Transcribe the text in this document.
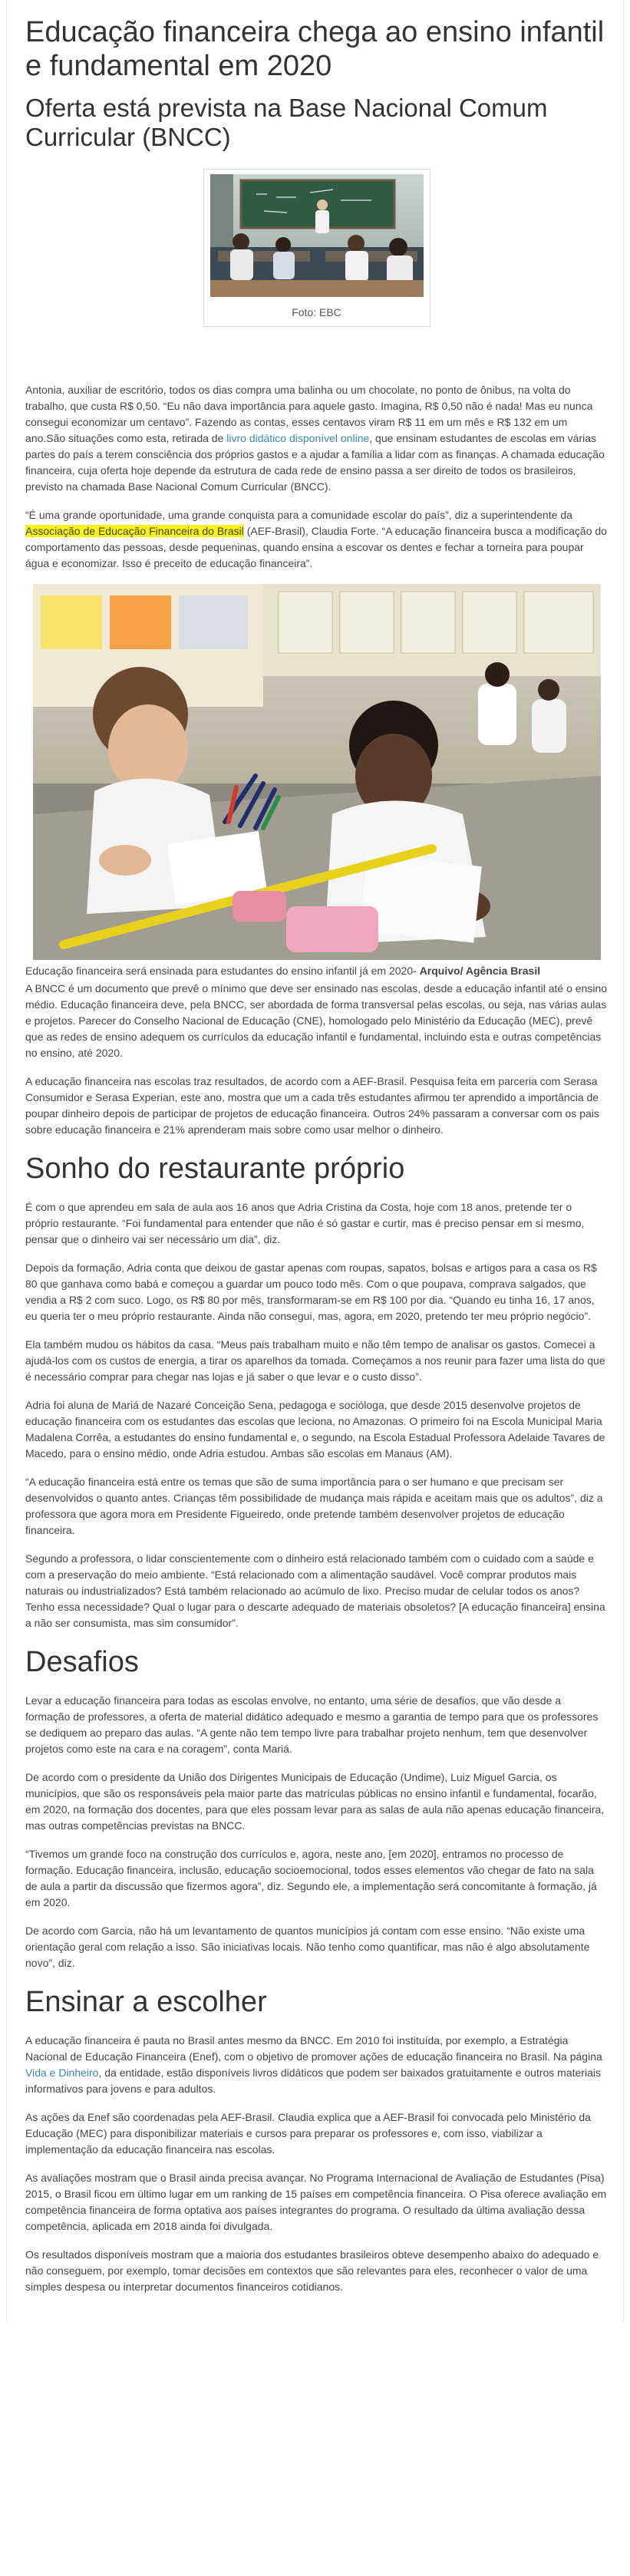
Educação financeira chega ao ensino infantil e fundamental em 2020
Oferta está prevista na Base Nacional Comum Curricular (BNCC)
Foto: EBC

Antonia, auxiliar de escritório, todos os dias compra uma balinha ou um chocolate, no ponto de ônibus, na volta do trabalho, que custa R$ 0,50. “Eu não dava importância para aquele gasto. Imagina, R$ 0,50 não é nada! Mas eu nunca consegui economizar um centavo”. Fazendo as contas, esses centavos viram R$ 11 em um mês e R$ 132 em um ano.São situações como esta, retirada de livro didático disponível online, que ensinam estudantes de escolas em várias partes do país a terem consciência dos próprios gastos e a ajudar a família a lidar com as finanças. A chamada educação financeira, cuja oferta hoje depende da estrutura de cada rede de ensino passa a ser direito de todos os brasileiros, previsto na chamada Base Nacional Comum Curricular (BNCC).

“É uma grande oportunidade, uma grande conquista para a comunidade escolar do país”, diz a superintendente da Associação de Educação Financeira do Brasil (AEF-Brasil), Claudia Forte. “A educação financeira busca a modificação do comportamento das pessoas, desde pequeninas, quando ensina a escovar os dentes e fechar a torneira para poupar água e economizar. Isso é preceito de educação financeira”.

Educação financeira será ensinada para estudantes do ensino infantil já em 2020- Arquivo/ Agência Brasil

A BNCC é um documento que prevê o mínimo que deve ser ensinado nas escolas, desde a educação infantil até o ensino médio. Educação financeira deve, pela BNCC, ser abordada de forma transversal pelas escolas, ou seja, nas várias aulas e projetos. Parecer do Conselho Nacional de Educação (CNE), homologado pelo Ministério da Educação (MEC), prevê que as redes de ensino adequem os currículos da educação infantil e fundamental, incluindo esta e outras competências no ensino, até 2020.

A educação financeira nas escolas traz resultados, de acordo com a AEF-Brasil. Pesquisa feita em parceria com Serasa Consumidor e Serasa Experian, este ano, mostra que um a cada três estudantes afirmou ter aprendido a importância de poupar dinheiro depois de participar de projetos de educação financeira. Outros 24% passaram a conversar com os pais sobre educação financeira e 21% aprenderam mais sobre como usar melhor o dinheiro.

Sonho do restaurante próprio

É com o que aprendeu em sala de aula aos 16 anos que Adria Cristina da Costa, hoje com 18 anos, pretende ter o próprio restaurante. “Foi fundamental para entender que não é só gastar e curtir, mas é preciso pensar em si mesmo, pensar que o dinheiro vai ser necessário um dia”, diz.

Depois da formação, Adria conta que deixou de gastar apenas com roupas, sapatos, bolsas e artigos para a casa os R$ 80 que ganhava como babá e começou a guardar um pouco todo mês. Com o que poupava, comprava salgados, que vendia a R$ 2 com suco. Logo, os R$ 80 por mês, transformaram-se em R$ 100 por dia. “Quando eu tinha 16, 17 anos, eu queria ter o meu próprio restaurante. Ainda não consegui, mas, agora, em 2020, pretendo ter meu próprio negócio”.

Ela também mudou os hábitos da casa. “Meus pais trabalham muito e não têm tempo de analisar os gastos. Comecei a ajudá-los com os custos de energia, a tirar os aparelhos da tomada. Começamos a nos reunir para fazer uma lista do que é necessário comprar para chegar nas lojas e já saber o que levar e o custo disso”.

Adria foi aluna de Mariá de Nazaré Conceição Sena, pedagoga e socióloga, que desde 2015 desenvolve projetos de educação financeira com os estudantes das escolas que leciona, no Amazonas. O primeiro foi na Escola Municipal Maria Madalena Corrêa, a estudantes do ensino fundamental e, o segundo, na Escola Estadual Professora Adelaide Tavares de Macedo, para o ensino médio, onde Adria estudou. Ambas são escolas em Manaus (AM).

“A educação financeira está entre os temas que são de suma importância para o ser humano e que precisam ser desenvolvidos o quanto antes. Crianças têm possibilidade de mudança mais rápida e aceitam mais que os adultos”, diz a professora que agora mora em Presidente Figueiredo, onde pretende também desenvolver projetos de educação financeira.

Segundo a professora, o lidar conscientemente com o dinheiro está relacionado também com o cuidado com a saúde e com a preservação do meio ambiente. “Está relacionado com a alimentação saudável. Você comprar produtos mais naturais ou industrializados? Está também relacionado ao acúmulo de lixo. Preciso mudar de celular todos os anos? Tenho essa necessidade? Qual o lugar para o descarte adequado de materiais obsoletos? [A educação financeira] ensina a não ser consumista, mas sim consumidor”.

Desafios

Levar a educação financeira para todas as escolas envolve, no entanto, uma série de desafios, que vão desde a formação de professores, a oferta de material didático adequado e mesmo a garantia de tempo para que os professores se dediquem ao preparo das aulas. “A gente não tem tempo livre para trabalhar projeto nenhum, tem que desenvolver projetos como este na cara e na coragem”, conta Mariá.

De acordo com o presidente da União dos Dirigentes Municipais de Educação (Undime), Luiz Miguel Garcia, os municípios, que são os responsáveis pela maior parte das matrículas públicas no ensino infantil e fundamental, focarão, em 2020, na formação dos docentes, para que eles possam levar para as salas de aula não apenas educação financeira, mas outras competências previstas na BNCC.

“Tivemos um grande foco na construção dos currículos e, agora, neste ano, [em 2020], entramos no processo de formação. Educação financeira, inclusão, educação socioemocional, todos esses elementos vão chegar de fato na sala de aula a partir da discussão que fizermos agora”, diz. Segundo ele, a implementação será concomitante à formação, já em 2020.

De acordo com Garcia, não há um levantamento de quantos municípios já contam com esse ensino. “Não existe uma orientação geral com relação a isso. São iniciativas locais. Não tenho como quantificar, mas não é algo absolutamente novo”, diz.

Ensinar a escolher

A educação financeira é pauta no Brasil antes mesmo da BNCC. Em 2010 foi instituída, por exemplo, a Estratégia Nacional de Educação Financeira (Enef), com o objetivo de promover ações de educação financeira no Brasil. Na página Vida e Dinheiro, da entidade, estão disponíveis livros didáticos que podem ser baixados gratuitamente e outros materiais informativos para jovens e para adultos.

As ações da Enef são coordenadas pela AEF-Brasil. Claudia explica que a AEF-Brasil foi convocada pelo Ministério da Educação (MEC) para disponibilizar materiais e cursos para preparar os professores e, com isso, viabilizar a implementação da educação financeira nas escolas.

As avaliações mostram que o Brasil ainda precisa avançar. No Programa Internacional de Avaliação de Estudantes (Pisa) 2015, o Brasil ficou em último lugar em um ranking de 15 países em competência financeira. O Pisa oferece avaliação em competência financeira de forma optativa aos países integrantes do programa. O resultado da última avaliação dessa competência, aplicada em 2018 ainda foi divulgada.

Os resultados disponíveis mostram que a maioria dos estudantes brasileiros obteve desempenho abaixo do adequado e não conseguem, por exemplo, tomar decisões em contextos que são relevantes para eles, reconhecer o valor de uma simples despesa ou interpretar documentos financeiros cotidianos.
